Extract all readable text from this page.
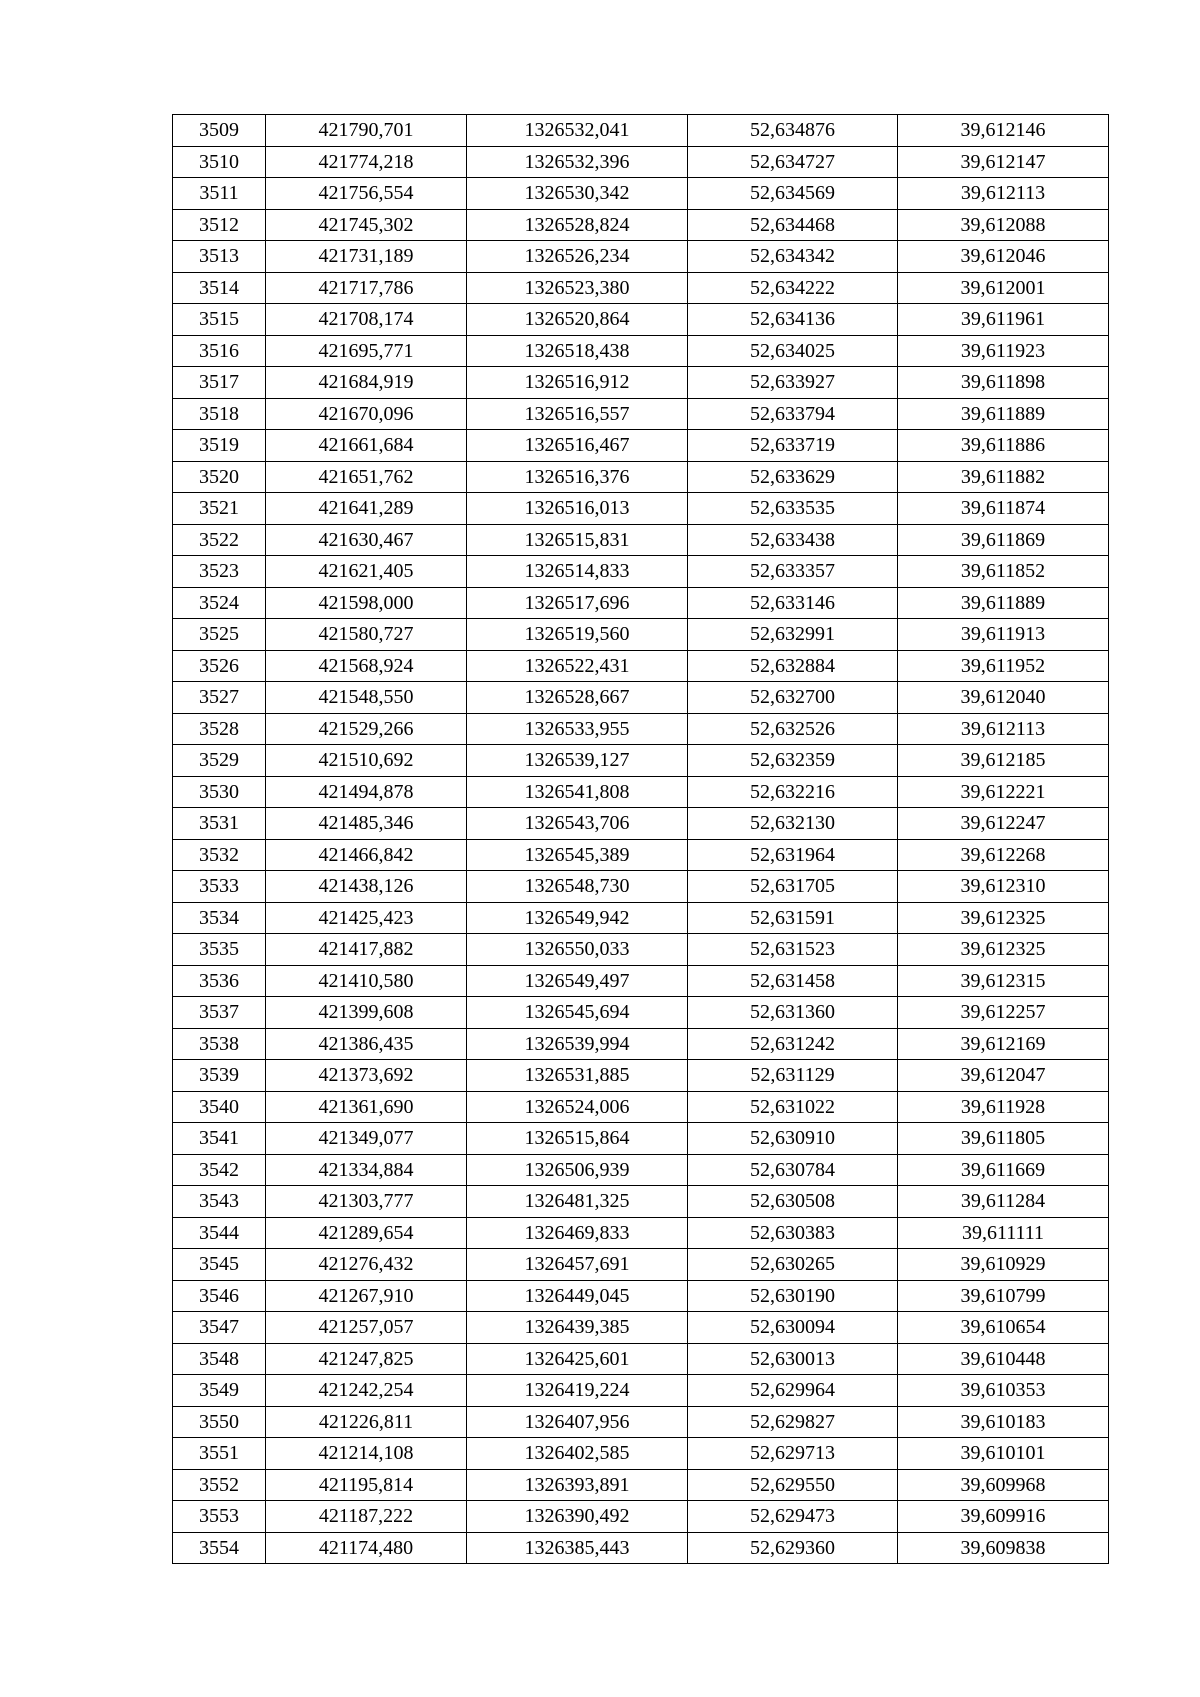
3509	421790,701	1326532,041	52,634876	39,612146
3510	421774,218	1326532,396	52,634727	39,612147
3511	421756,554	1326530,342	52,634569	39,612113
3512	421745,302	1326528,824	52,634468	39,612088
3513	421731,189	1326526,234	52,634342	39,612046
3514	421717,786	1326523,380	52,634222	39,612001
3515	421708,174	1326520,864	52,634136	39,611961
3516	421695,771	1326518,438	52,634025	39,611923
3517	421684,919	1326516,912	52,633927	39,611898
3518	421670,096	1326516,557	52,633794	39,611889
3519	421661,684	1326516,467	52,633719	39,611886
3520	421651,762	1326516,376	52,633629	39,611882
3521	421641,289	1326516,013	52,633535	39,611874
3522	421630,467	1326515,831	52,633438	39,611869
3523	421621,405	1326514,833	52,633357	39,611852
3524	421598,000	1326517,696	52,633146	39,611889
3525	421580,727	1326519,560	52,632991	39,611913
3526	421568,924	1326522,431	52,632884	39,611952
3527	421548,550	1326528,667	52,632700	39,612040
3528	421529,266	1326533,955	52,632526	39,612113
3529	421510,692	1326539,127	52,632359	39,612185
3530	421494,878	1326541,808	52,632216	39,612221
3531	421485,346	1326543,706	52,632130	39,612247
3532	421466,842	1326545,389	52,631964	39,612268
3533	421438,126	1326548,730	52,631705	39,612310
3534	421425,423	1326549,942	52,631591	39,612325
3535	421417,882	1326550,033	52,631523	39,612325
3536	421410,580	1326549,497	52,631458	39,612315
3537	421399,608	1326545,694	52,631360	39,612257
3538	421386,435	1326539,994	52,631242	39,612169
3539	421373,692	1326531,885	52,631129	39,612047
3540	421361,690	1326524,006	52,631022	39,611928
3541	421349,077	1326515,864	52,630910	39,611805
3542	421334,884	1326506,939	52,630784	39,611669
3543	421303,777	1326481,325	52,630508	39,611284
3544	421289,654	1326469,833	52,630383	39,611111
3545	421276,432	1326457,691	52,630265	39,610929
3546	421267,910	1326449,045	52,630190	39,610799
3547	421257,057	1326439,385	52,630094	39,610654
3548	421247,825	1326425,601	52,630013	39,610448
3549	421242,254	1326419,224	52,629964	39,610353
3550	421226,811	1326407,956	52,629827	39,610183
3551	421214,108	1326402,585	52,629713	39,610101
3552	421195,814	1326393,891	52,629550	39,609968
3553	421187,222	1326390,492	52,629473	39,609916
3554	421174,480	1326385,443	52,629360	39,609838
